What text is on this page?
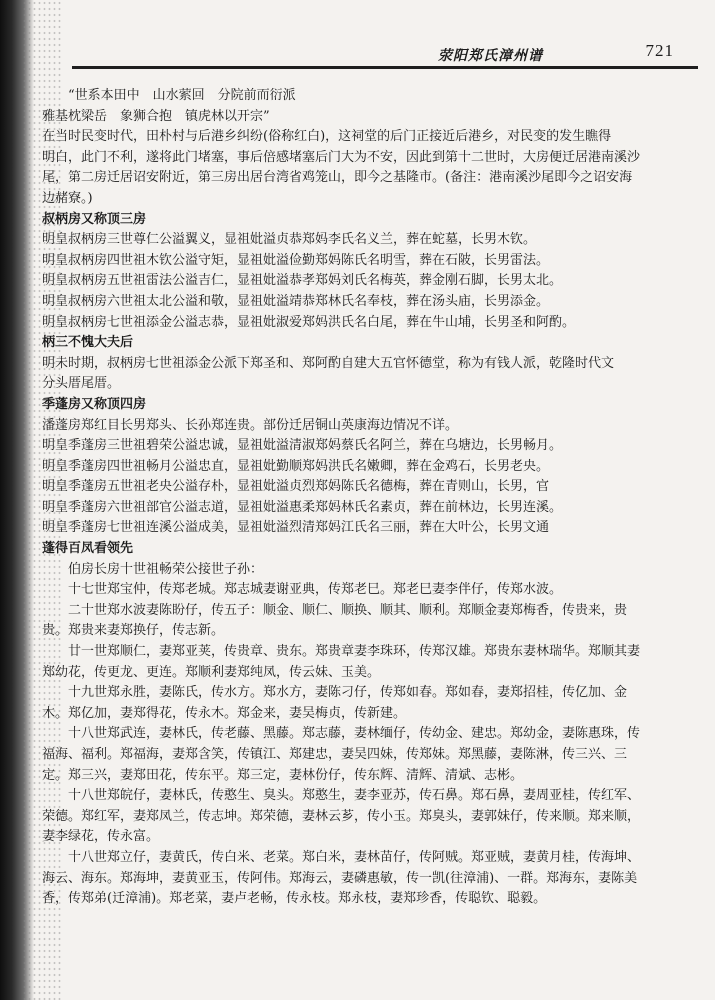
荥阳郑氏漳州谱	721
“世系本田中　山水萦回　分院前而衍派
雅基枕梁岳　象狮合抱　镇虎林以开宗”
在当时民变时代，田朴村与后港乡纠纷(俗称红白)，这祠堂的后门正接近后港乡，对民变的发生瞧得
明白，此门不利，遂将此门堵塞，事后倍感堵塞后门大为不安，因此到第十二世时，大房便迁居港南溪沙
尾，第二房迁居诏安附近，第三房出居台湾省鸡笼山，即今之基隆市。(备注：港南溪沙尾即今之诏安海
边赭寮。)
叔柄房又称顶三房
明皇叔柄房三世尊仁公溢翼义，显祖妣溢贞恭郑妈李氏名义兰，葬在蛇墓，长男木钦。
明皇叔柄房四世祖木钦公溢守矩，显祖妣溢俭勤郑妈陈氏名明雪，葬在石陂，长男雷法。
明皇叔柄房五世祖雷法公溢吉仁，显祖妣溢恭孝郑妈刘氏名梅英，葬金刚石脚，长男太北。
明皇叔柄房六世祖太北公溢和敬，显祖妣溢靖恭郑林氏名奉枝，葬在汤头庙，长男添金。
明皇叔柄房七世祖添金公溢志恭，显祖妣淑爱郑妈洪氏名白尾，葬在牛山埔，长男圣和阿酌。
柄三不愧大夫后
明未时期，叔柄房七世祖添金公派下郑圣和、郑阿酌自建大五官怀德堂，称为有钱人派，乾隆时代文
分头厝尾厝。
季蓬房又称顶四房
潘蓬房郑红目长男郑头、长孙郑连贵。部份迁居铜山英康海边情况不详。
明皇季蓬房三世祖碧荣公溢忠诚，显祖妣溢清淑郑妈蔡氏名阿兰，葬在乌塘边，长男畅月。
明皇季蓬房四世祖畅月公溢忠直，显祖妣勤顺郑妈洪氏名嫩卿，葬在金鸡石，长男老央。
明皇季蓬房五世祖老央公溢存朴，显祖妣溢贞烈郑妈陈氏名德梅，葬在青则山，长男，官
明皇季蓬房六世祖部官公溢志道，显祖妣溢惠柔郑妈林氏名素贞，葬在前林边，长男连溪。
明皇季蓬房七世祖连溪公溢成美，显祖妣溢烈清郑妈江氏名三丽，葬在大叶公，长男文通
蓬得百凤看领先
伯房长房十世祖畅荣公接世子孙：
十七世郑宝仲，传郑老城。郑志城妻谢亚典，传郑老巳。郑老巳妻李伴仔，传郑水波。
二十世郑水波妻陈盼仔，传五子：顺金、顺仁、顺换、顺其、顺利。郑顺金妻郑梅香，传贵来，贵
贵。郑贵来妻郑换仔，传志新。
廿一世郑顺仁，妻郑亚荚，传贵章、贵东。郑贵章妻李珠环，传郑汉雄。郑贵东妻林瑞华。郑顺其妻
郑幼花，传更龙、更连。郑顺利妻郑纯凤，传云妹、玉美。
十九世郑永胜，妻陈氏，传水方。郑水方，妻陈刁仔，传郑如春。郑如春，妻郑招桂，传亿加、金
木。郑亿加，妻郑得花，传永木。郑金来，妻吴梅贞，传新建。
十八世郑武连，妻林氏，传老藤、黑藤。郑志藤，妻林缅仔，传幼金、建忠。郑幼金，妻陈惠珠，传
福海、福利。郑福海，妻郑含笑，传镇江、郑建忠，妻吴四妹，传郑妹。郑黑藤，妻陈淋，传三兴、三
定。郑三兴，妻郑田花，传东平。郑三定，妻林份仔，传东辉、清辉、清斌、志彬。
十八世郑皖仔，妻林氏，传憨生、臭头。郑憨生，妻李亚苏，传石鼻。郑石鼻，妻周亚桂，传红军、
荣德。郑红军，妻郑凤兰，传志坤。郑荣德，妻林云芗，传小玉。郑臭头，妻郭妹仔，传来顺。郑来顺，
妻李绿花，传永富。
十八世郑立仔，妻黄氏，传白米、老菜。郑白米，妻林苗仔，传阿贼。郑亚贼，妻黄月桂，传海坤、
海云、海东。郑海坤，妻黄亚玉，传阿伟。郑海云，妻磷惠敏，传一凯(往漳浦)、一群。郑海东，妻陈美
香，传郑弟(迁漳浦)。郑老菜，妻卢老畅，传永枝。郑永枝，妻郑珍香，传聪钦、聪毅。
